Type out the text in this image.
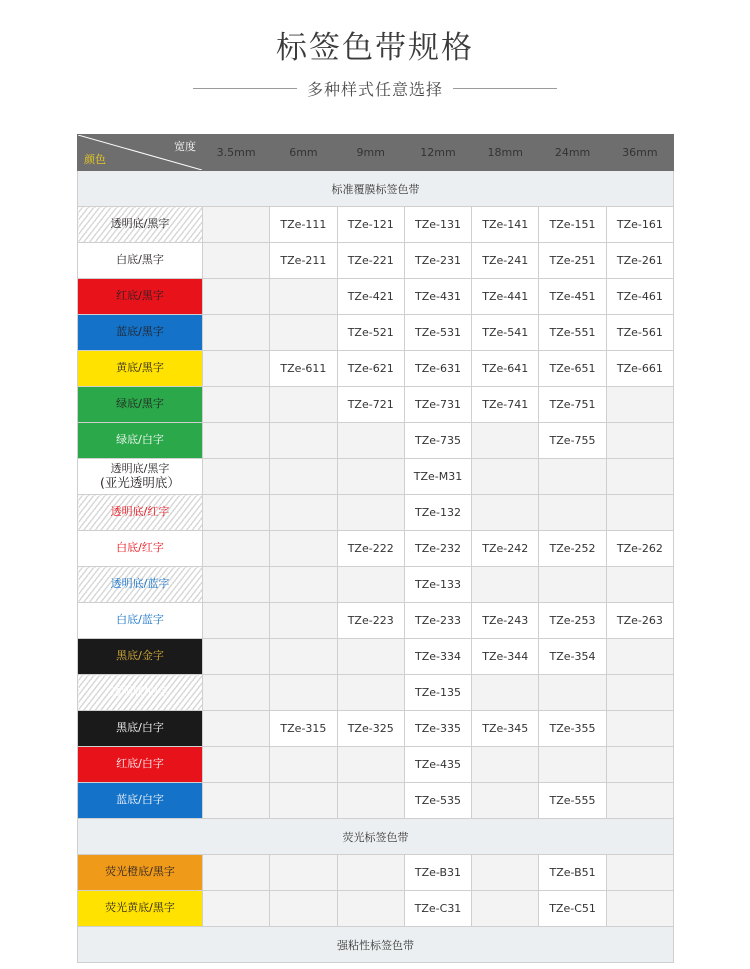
标签色带规格
多种样式任意选择
宽度
颜色	3.5mm	6mm	9mm	12mm	18mm	24mm	36mm
标准覆膜标签色带							

透明底/黑字		TZe-111	TZe-121	TZe-131	TZe-141	TZe-151	TZe-161

白底/黑字		TZe-211	TZe-221	TZe-231	TZe-241	TZe-251	TZe-261

红底/黑字			TZe-421	TZe-431	TZe-441	TZe-451	TZe-461

蓝底/黑字			TZe-521	TZe-531	TZe-541	TZe-551	TZe-561

黄底/黑字		TZe-611	TZe-621	TZe-631	TZe-641	TZe-651	TZe-661

绿底/黑字			TZe-721	TZe-731	TZe-741	TZe-751	

绿底/白字				TZe-735		TZe-755	

透明底/黑字
(亚光透明底）				TZe-M31			

透明底/红字				TZe-132			

白底/红字			TZe-222	TZe-232	TZe-242	TZe-252	TZe-262

透明底/蓝字				TZe-133			

白底/蓝字			TZe-223	TZe-233	TZe-243	TZe-253	TZe-263

黑底/金字				TZe-334	TZe-344	TZe-354	

透明底/白字				TZe-135			

黑底/白字		TZe-315	TZe-325	TZe-335	TZe-345	TZe-355	

红底/白字				TZe-435			

蓝底/白字				TZe-535		TZe-555	
荧光标签色带							

荧光橙底/黑字				TZe-B31		TZe-B51	

荧光黄底/黑字				TZe-C31		TZe-C51	
强粘性标签色带							
